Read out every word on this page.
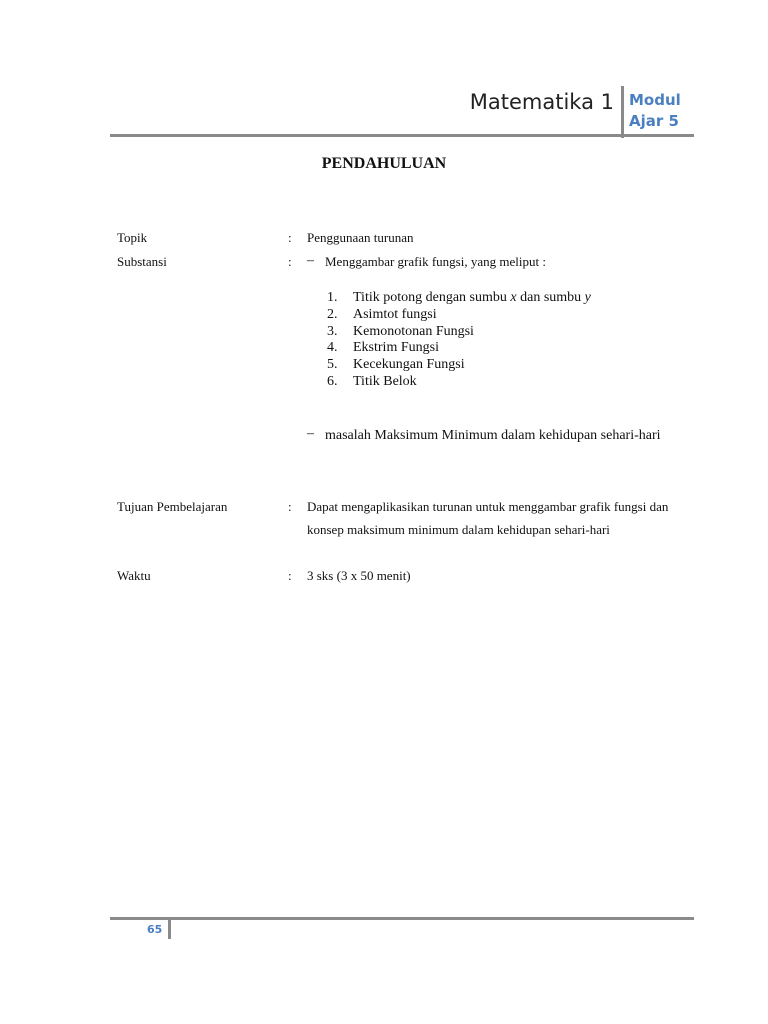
Matematika 1 Modul
Ajar 5
PENDAHULUAN
Topik	: Penggunaan turunan
Substansi	: – Menggambar grafik fungsi, yang meliput :
1. Titik potong dengan sumbu x dan sumbu y
2. Asimtot fungsi
3. Kemonotonan Fungsi
4. Ekstrim Fungsi
5. Kecekungan Fungsi
6. Titik Belok
– masalah Maksimum Minimum dalam kehidupan sehari-hari
Tujuan Pembelajaran	: Dapat mengaplikasikan turunan untuk menggambar grafik fungsi dan
konsep maksimum minimum dalam kehidupan sehari-hari
Waktu	: 3 sks (3 x 50 menit)
65
